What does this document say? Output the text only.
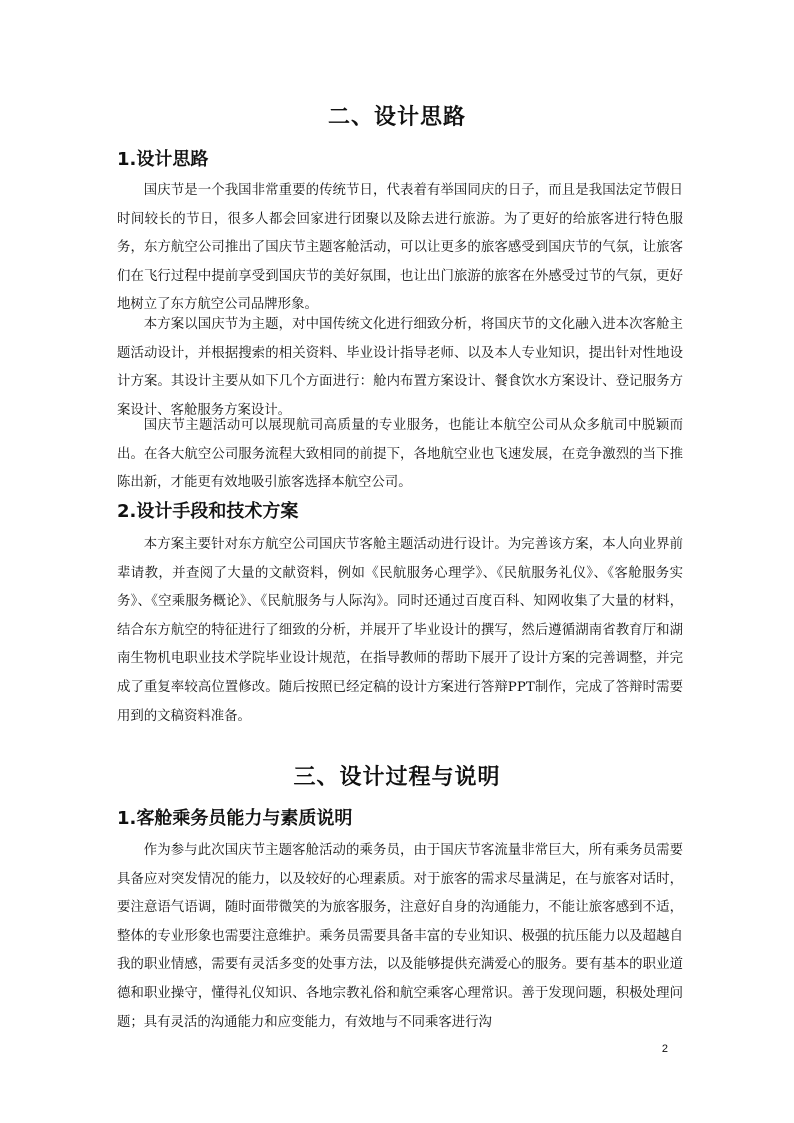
二、设计思路
1.设计思路

国庆节是一个我国非常重要的传统节日，代表着有举国同庆的日子，而且是我国法定节假日时间较长的节日，很多人都会回家进行团聚以及除去进行旅游。为了更好的给旅客进行特色服务，东方航空公司推出了国庆节主题客舱活动，可以让更多的旅客感受到国庆节的气氛，让旅客们在飞行过程中提前享受到国庆节的美好氛围，也让出门旅游的旅客在外感受过节的气氛，更好地树立了东方航空公司品牌形象。

本方案以国庆节为主题，对中国传统文化进行细致分析，将国庆节的文化融入进本次客舱主题活动设计，并根据搜索的相关资料、毕业设计指导老师、以及本人专业知识，提出针对性地设计方案。其设计主要从如下几个方面进行：舱内布置方案设计、餐食饮水方案设计、登记服务方案设计、客舱服务方案设计。

国庆节主题活动可以展现航司高质量的专业服务，也能让本航空公司从众多航司中脱颖而出。在各大航空公司服务流程大致相同的前提下，各地航空业也飞速发展，在竞争激烈的当下推陈出新，才能更有效地吸引旅客选择本航空公司。

2.设计手段和技术方案

本方案主要针对东方航空公司国庆节客舱主题活动进行设计。为完善该方案，本人向业界前辈请教，并查阅了大量的文献资料，例如《民航服务心理学》、《民航服务礼仪》、《客舱服务实务》、《空乘服务概论》、《民航服务与人际沟》。同时还通过百度百科、知网收集了大量的材料，结合东方航空的特征进行了细致的分析，并展开了毕业设计的撰写，然后遵循湖南省教育厅和湖南生物机电职业技术学院毕业设计规范，在指导教师的帮助下展开了设计方案的完善调整，并完成了重复率较高位置修改。随后按照已经定稿的设计方案进行答辩PPT制作，完成了答辩时需要用到的文稿资料准备。

三、设计过程与说明
1.客舱乘务员能力与素质说明

作为参与此次国庆节主题客舱活动的乘务员，由于国庆节客流量非常巨大，所有乘务员需要具备应对突发情况的能力，以及较好的心理素质。对于旅客的需求尽量满足，在与旅客对话时，要注意语气语调，随时面带微笑的为旅客服务，注意好自身的沟通能力，不能让旅客感到不适，整体的专业形象也需要注意维护。乘务员需要具备丰富的专业知识、极强的抗压能力以及超越自我的职业情感，需要有灵活多变的处事方法，以及能够提供充满爱心的服务。要有基本的职业道德和职业操守，懂得礼仪知识、各地宗教礼俗和航空乘客心理常识。善于发现问题，积极处理问题；具有灵活的沟通能力和应变能力，有效地与不同乘客进行沟

2
